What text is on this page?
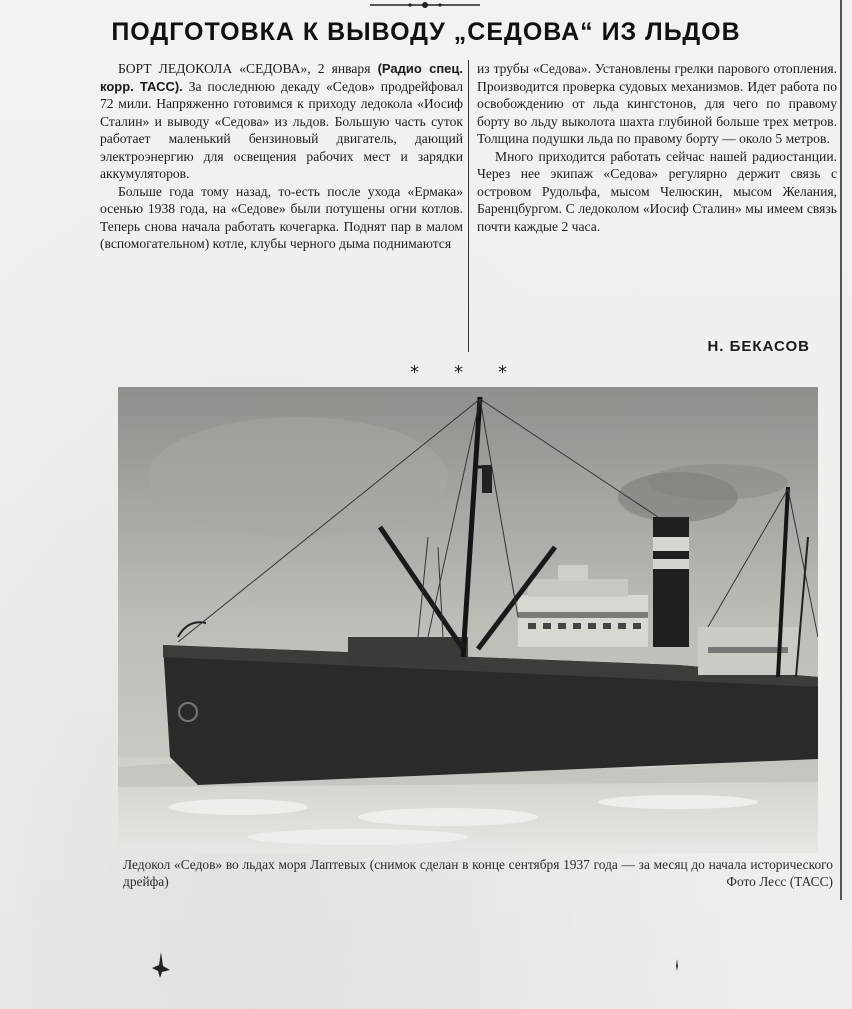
ПОДГОТОВКА К ВЫВОДУ „СЕДОВА“ ИЗ ЛЬДОВ

БОРТ ЛЕДОКОЛА «СЕДОВА», 2 января (Радио спец. корр. ТАСС). За последнюю декаду «Седов» продрейфовал 72 мили. Напряженно готовимся к приходу ледокола «Иосиф Сталин» и выводу «Седова» из льдов. Большую часть суток работает маленький бензиновый двигатель, дающий электроэнергию для освещения рабочих мест и зарядки аккумуляторов.

Больше года тому назад, то-есть после ухода «Ермака» осенью 1938 года, на «Седове» были потушены огни котлов. Теперь снова начала работать кочегарка. Поднят пар в малом (вспомогательном) котле, клубы черного дыма поднимаются

из трубы «Седова». Установлены грелки парового отопления. Производится проверка судовых механизмов. Идет работа по освобождению от льда кингстонов, для чего по правому борту во льду выколота шахта глубиной больше трех метров. Толщина подушки льда по правому борту — около 5 метров.

Много приходится работать сейчас нашей радиостанции. Через нее экипаж «Седова» регулярно держит связь с островом Рудольфа, мысом Челюскин, мысом Желания, Баренцбургом. С ледоколом «Иосиф Сталин» мы имеем связь почти каждые 2 часа.

Н. БЕКАСОВ
* * *
Ледокол «Седов» во льдах моря Лаптевых (снимок сделан в конце сентября 1937 года — за месяц до начала исторического дрейфа)	Фото Лесс (ТАСС)
